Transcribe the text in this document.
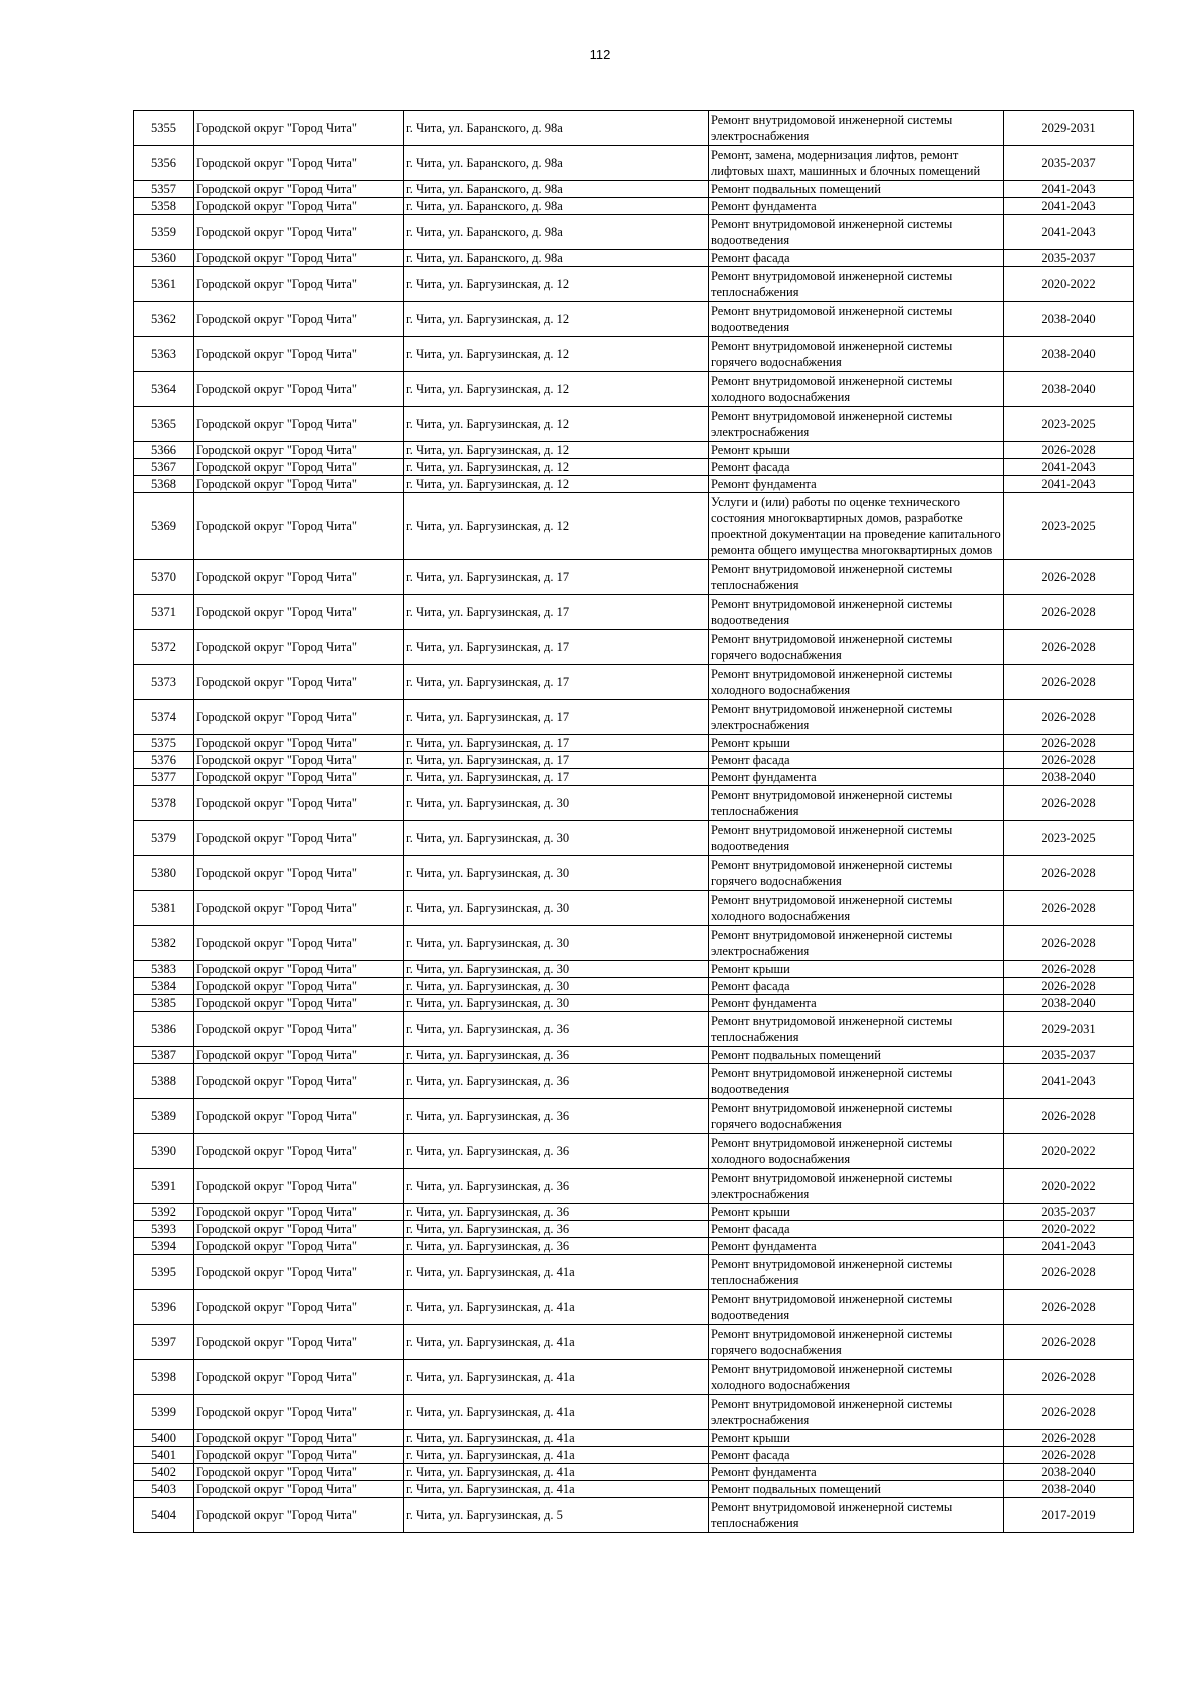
112
5355	Городской округ "Город Чита"	г. Чита, ул. Баранского, д. 98а	Ремонт внутридомовой инженерной системы электроснабжения	2029-2031
5356	Городской округ "Город Чита"	г. Чита, ул. Баранского, д. 98а	Ремонт, замена, модернизация лифтов, ремонт лифтовых шахт, машинных и блочных помещений	2035-2037
5357	Городской округ "Город Чита"	г. Чита, ул. Баранского, д. 98а	Ремонт подвальных помещений	2041-2043
5358	Городской округ "Город Чита"	г. Чита, ул. Баранского, д. 98а	Ремонт фундамента	2041-2043
5359	Городской округ "Город Чита"	г. Чита, ул. Баранского, д. 98а	Ремонт внутридомовой инженерной системы водоотведения	2041-2043
5360	Городской округ "Город Чита"	г. Чита, ул. Баранского, д. 98а	Ремонт фасада	2035-2037
5361	Городской округ "Город Чита"	г. Чита, ул. Баргузинская, д. 12	Ремонт внутридомовой инженерной системы теплоснабжения	2020-2022
5362	Городской округ "Город Чита"	г. Чита, ул. Баргузинская, д. 12	Ремонт внутридомовой инженерной системы водоотведения	2038-2040
5363	Городской округ "Город Чита"	г. Чита, ул. Баргузинская, д. 12	Ремонт внутридомовой инженерной системы горячего водоснабжения	2038-2040
5364	Городской округ "Город Чита"	г. Чита, ул. Баргузинская, д. 12	Ремонт внутридомовой инженерной системы холодного водоснабжения	2038-2040
5365	Городской округ "Город Чита"	г. Чита, ул. Баргузинская, д. 12	Ремонт внутридомовой инженерной системы электроснабжения	2023-2025
5366	Городской округ "Город Чита"	г. Чита, ул. Баргузинская, д. 12	Ремонт крыши	2026-2028
5367	Городской округ "Город Чита"	г. Чита, ул. Баргузинская, д. 12	Ремонт фасада	2041-2043
5368	Городской округ "Город Чита"	г. Чита, ул. Баргузинская, д. 12	Ремонт фундамента	2041-2043
5369	Городской округ "Город Чита"	г. Чита, ул. Баргузинская, д. 12	Услуги и (или) работы по оценке технического состояния многоквартирных домов, разработке проектной документации на проведение капитального ремонта общего имущества многоквартирных домов	2023-2025
5370	Городской округ "Город Чита"	г. Чита, ул. Баргузинская, д. 17	Ремонт внутридомовой инженерной системы теплоснабжения	2026-2028
5371	Городской округ "Город Чита"	г. Чита, ул. Баргузинская, д. 17	Ремонт внутридомовой инженерной системы водоотведения	2026-2028
5372	Городской округ "Город Чита"	г. Чита, ул. Баргузинская, д. 17	Ремонт внутридомовой инженерной системы горячего водоснабжения	2026-2028
5373	Городской округ "Город Чита"	г. Чита, ул. Баргузинская, д. 17	Ремонт внутридомовой инженерной системы холодного водоснабжения	2026-2028
5374	Городской округ "Город Чита"	г. Чита, ул. Баргузинская, д. 17	Ремонт внутридомовой инженерной системы электроснабжения	2026-2028
5375	Городской округ "Город Чита"	г. Чита, ул. Баргузинская, д. 17	Ремонт крыши	2026-2028
5376	Городской округ "Город Чита"	г. Чита, ул. Баргузинская, д. 17	Ремонт фасада	2026-2028
5377	Городской округ "Город Чита"	г. Чита, ул. Баргузинская, д. 17	Ремонт фундамента	2038-2040
5378	Городской округ "Город Чита"	г. Чита, ул. Баргузинская, д. 30	Ремонт внутридомовой инженерной системы теплоснабжения	2026-2028
5379	Городской округ "Город Чита"	г. Чита, ул. Баргузинская, д. 30	Ремонт внутридомовой инженерной системы водоотведения	2023-2025
5380	Городской округ "Город Чита"	г. Чита, ул. Баргузинская, д. 30	Ремонт внутридомовой инженерной системы горячего водоснабжения	2026-2028
5381	Городской округ "Город Чита"	г. Чита, ул. Баргузинская, д. 30	Ремонт внутридомовой инженерной системы холодного водоснабжения	2026-2028
5382	Городской округ "Город Чита"	г. Чита, ул. Баргузинская, д. 30	Ремонт внутридомовой инженерной системы электроснабжения	2026-2028
5383	Городской округ "Город Чита"	г. Чита, ул. Баргузинская, д. 30	Ремонт крыши	2026-2028
5384	Городской округ "Город Чита"	г. Чита, ул. Баргузинская, д. 30	Ремонт фасада	2026-2028
5385	Городской округ "Город Чита"	г. Чита, ул. Баргузинская, д. 30	Ремонт фундамента	2038-2040
5386	Городской округ "Город Чита"	г. Чита, ул. Баргузинская, д. 36	Ремонт внутридомовой инженерной системы теплоснабжения	2029-2031
5387	Городской округ "Город Чита"	г. Чита, ул. Баргузинская, д. 36	Ремонт подвальных помещений	2035-2037
5388	Городской округ "Город Чита"	г. Чита, ул. Баргузинская, д. 36	Ремонт внутридомовой инженерной системы водоотведения	2041-2043
5389	Городской округ "Город Чита"	г. Чита, ул. Баргузинская, д. 36	Ремонт внутридомовой инженерной системы горячего водоснабжения	2026-2028
5390	Городской округ "Город Чита"	г. Чита, ул. Баргузинская, д. 36	Ремонт внутридомовой инженерной системы холодного водоснабжения	2020-2022
5391	Городской округ "Город Чита"	г. Чита, ул. Баргузинская, д. 36	Ремонт внутридомовой инженерной системы электроснабжения	2020-2022
5392	Городской округ "Город Чита"	г. Чита, ул. Баргузинская, д. 36	Ремонт крыши	2035-2037
5393	Городской округ "Город Чита"	г. Чита, ул. Баргузинская, д. 36	Ремонт фасада	2020-2022
5394	Городской округ "Город Чита"	г. Чита, ул. Баргузинская, д. 36	Ремонт фундамента	2041-2043
5395	Городской округ "Город Чита"	г. Чита, ул. Баргузинская, д. 41а	Ремонт внутридомовой инженерной системы теплоснабжения	2026-2028
5396	Городской округ "Город Чита"	г. Чита, ул. Баргузинская, д. 41а	Ремонт внутридомовой инженерной системы водоотведения	2026-2028
5397	Городской округ "Город Чита"	г. Чита, ул. Баргузинская, д. 41а	Ремонт внутридомовой инженерной системы горячего водоснабжения	2026-2028
5398	Городской округ "Город Чита"	г. Чита, ул. Баргузинская, д. 41а	Ремонт внутридомовой инженерной системы холодного водоснабжения	2026-2028
5399	Городской округ "Город Чита"	г. Чита, ул. Баргузинская, д. 41а	Ремонт внутридомовой инженерной системы электроснабжения	2026-2028
5400	Городской округ "Город Чита"	г. Чита, ул. Баргузинская, д. 41а	Ремонт крыши	2026-2028
5401	Городской округ "Город Чита"	г. Чита, ул. Баргузинская, д. 41а	Ремонт фасада	2026-2028
5402	Городской округ "Город Чита"	г. Чита, ул. Баргузинская, д. 41а	Ремонт фундамента	2038-2040
5403	Городской округ "Город Чита"	г. Чита, ул. Баргузинская, д. 41а	Ремонт подвальных помещений	2038-2040
5404	Городской округ "Город Чита"	г. Чита, ул. Баргузинская, д. 5	Ремонт внутридомовой инженерной системы теплоснабжения	2017-2019
